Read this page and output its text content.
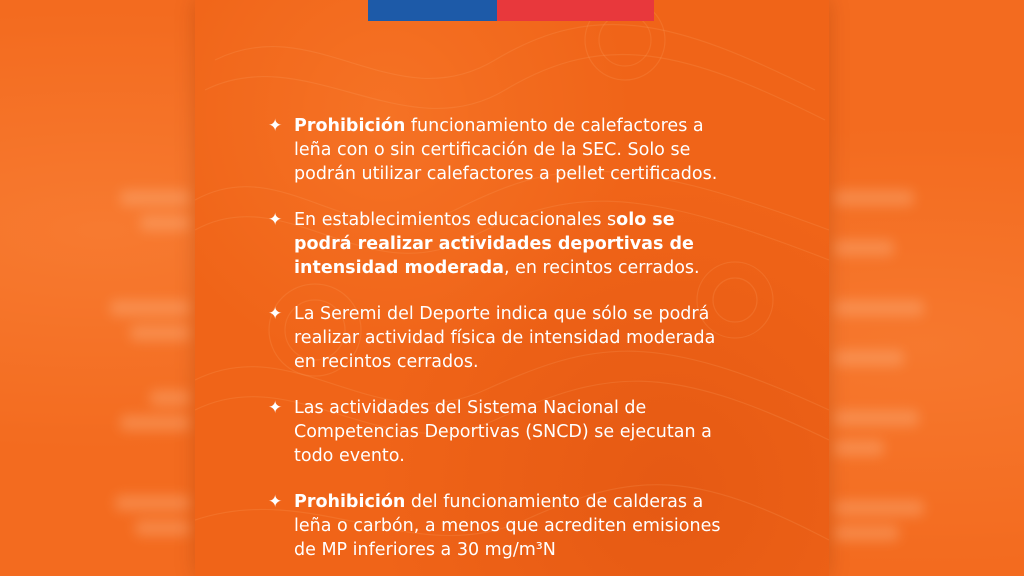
✦ Prohibición funcionamiento de calefactores a
leña con o sin certificación de la SEC. Solo se
podrán utilizar calefactores a pellet certificados.
✦ En establecimientos educacionales solo se
podrá realizar actividades deportivas de
intensidad moderada, en recintos cerrados.
✦ La Seremi del Deporte indica que sólo se podrá
realizar actividad física de intensidad moderada
en recintos cerrados.
✦ Las actividades del Sistema Nacional de
Competencias Deportivas (SNCD) se ejecutan a
todo evento.
✦ Prohibición del funcionamiento de calderas a
leña o carbón, a menos que acrediten emisiones
de MP inferiores a 30 mg/m³N
